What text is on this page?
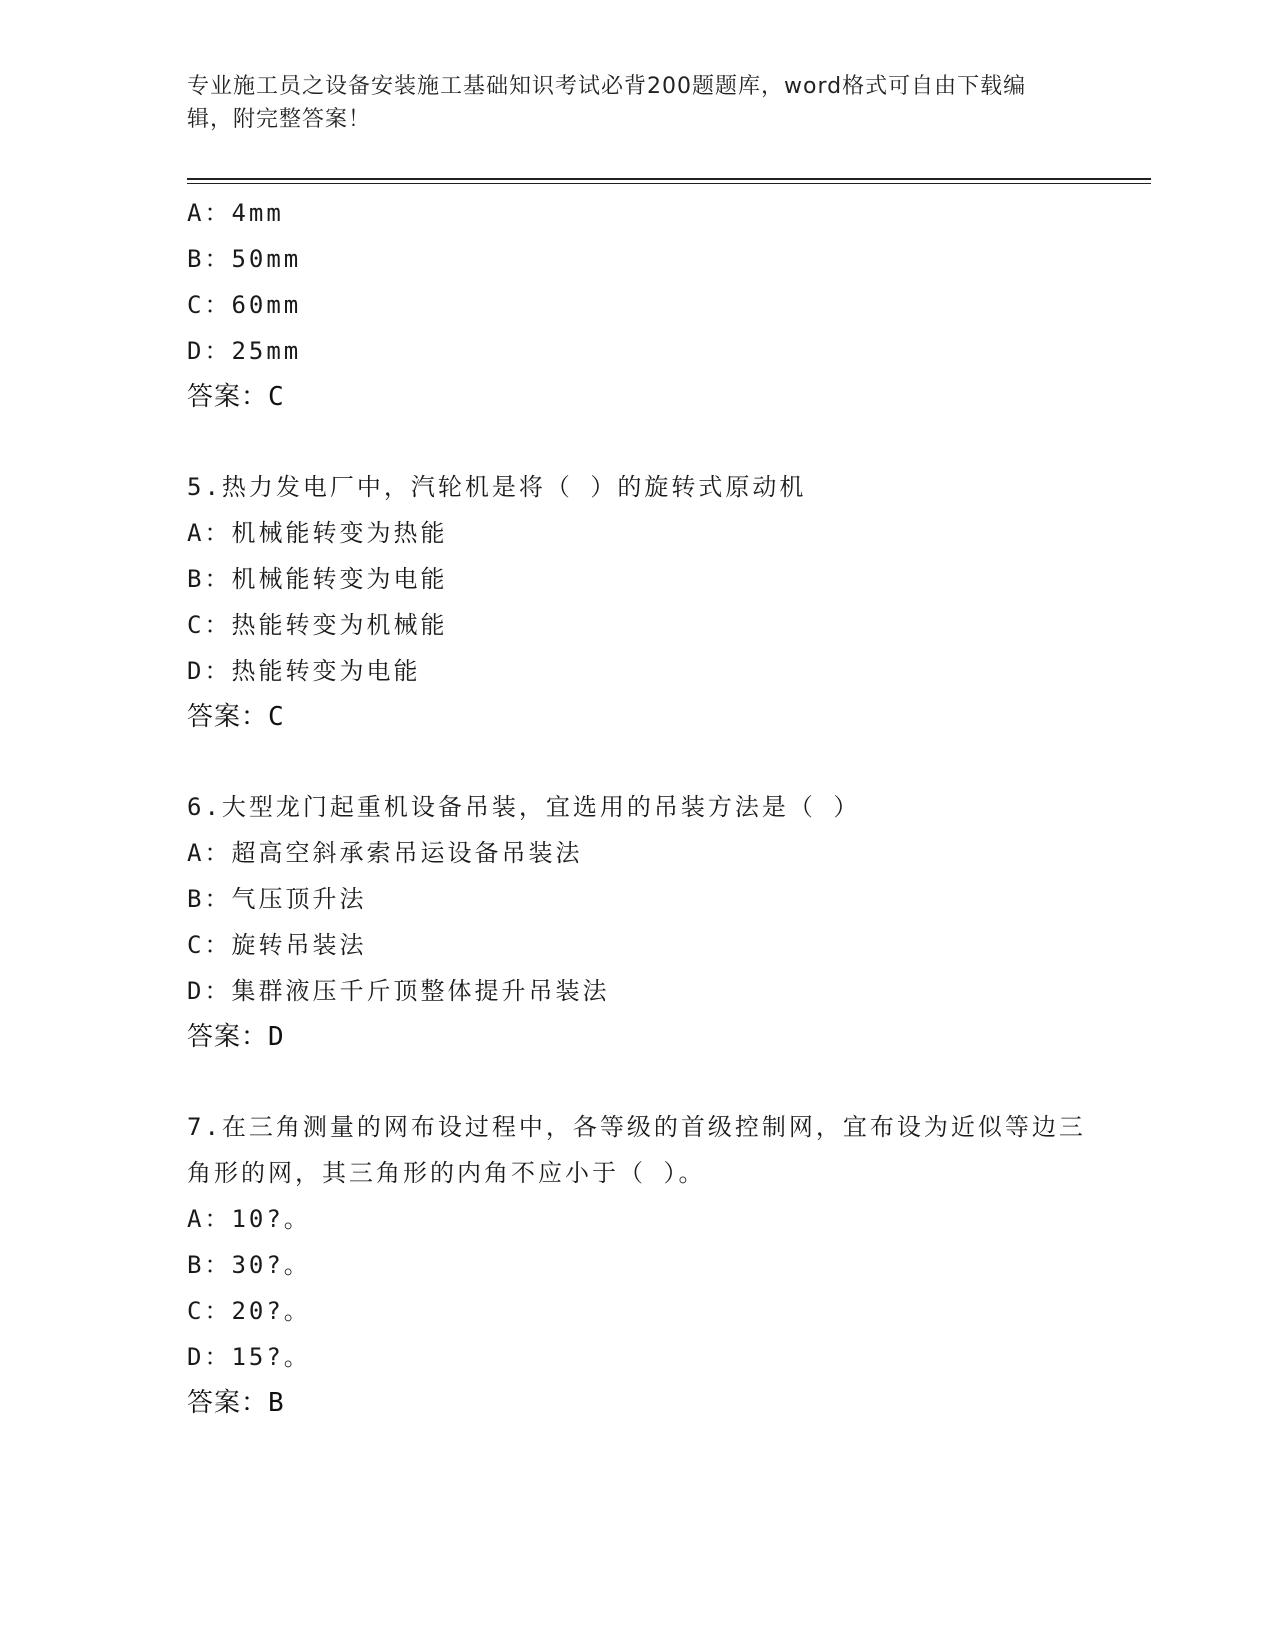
专业施工员之设备安装施工基础知识考试必背200题题库，word格式可自由下载编辑，附完整答案！
A：4mm
B：50mm
C：60mm
D：25mm
答案：C
5.热力发电厂中，汽轮机是将（ ）的旋转式原动机
A：机械能转变为热能
B：机械能转变为电能
C：热能转变为机械能
D：热能转变为电能
答案：C
6.大型龙门起重机设备吊装，宜选用的吊装方法是（ ）
A：超高空斜承索吊运设备吊装法
B：气压顶升法
C：旋转吊装法
D：集群液压千斤顶整体提升吊装法
答案：D
7.在三角测量的网布设过程中，各等级的首级控制网，宜布设为近似等边三角形的网，其三角形的内角不应小于（ ）。
A：10?。
B：30?。
C：20?。
D：15?。
答案：B
